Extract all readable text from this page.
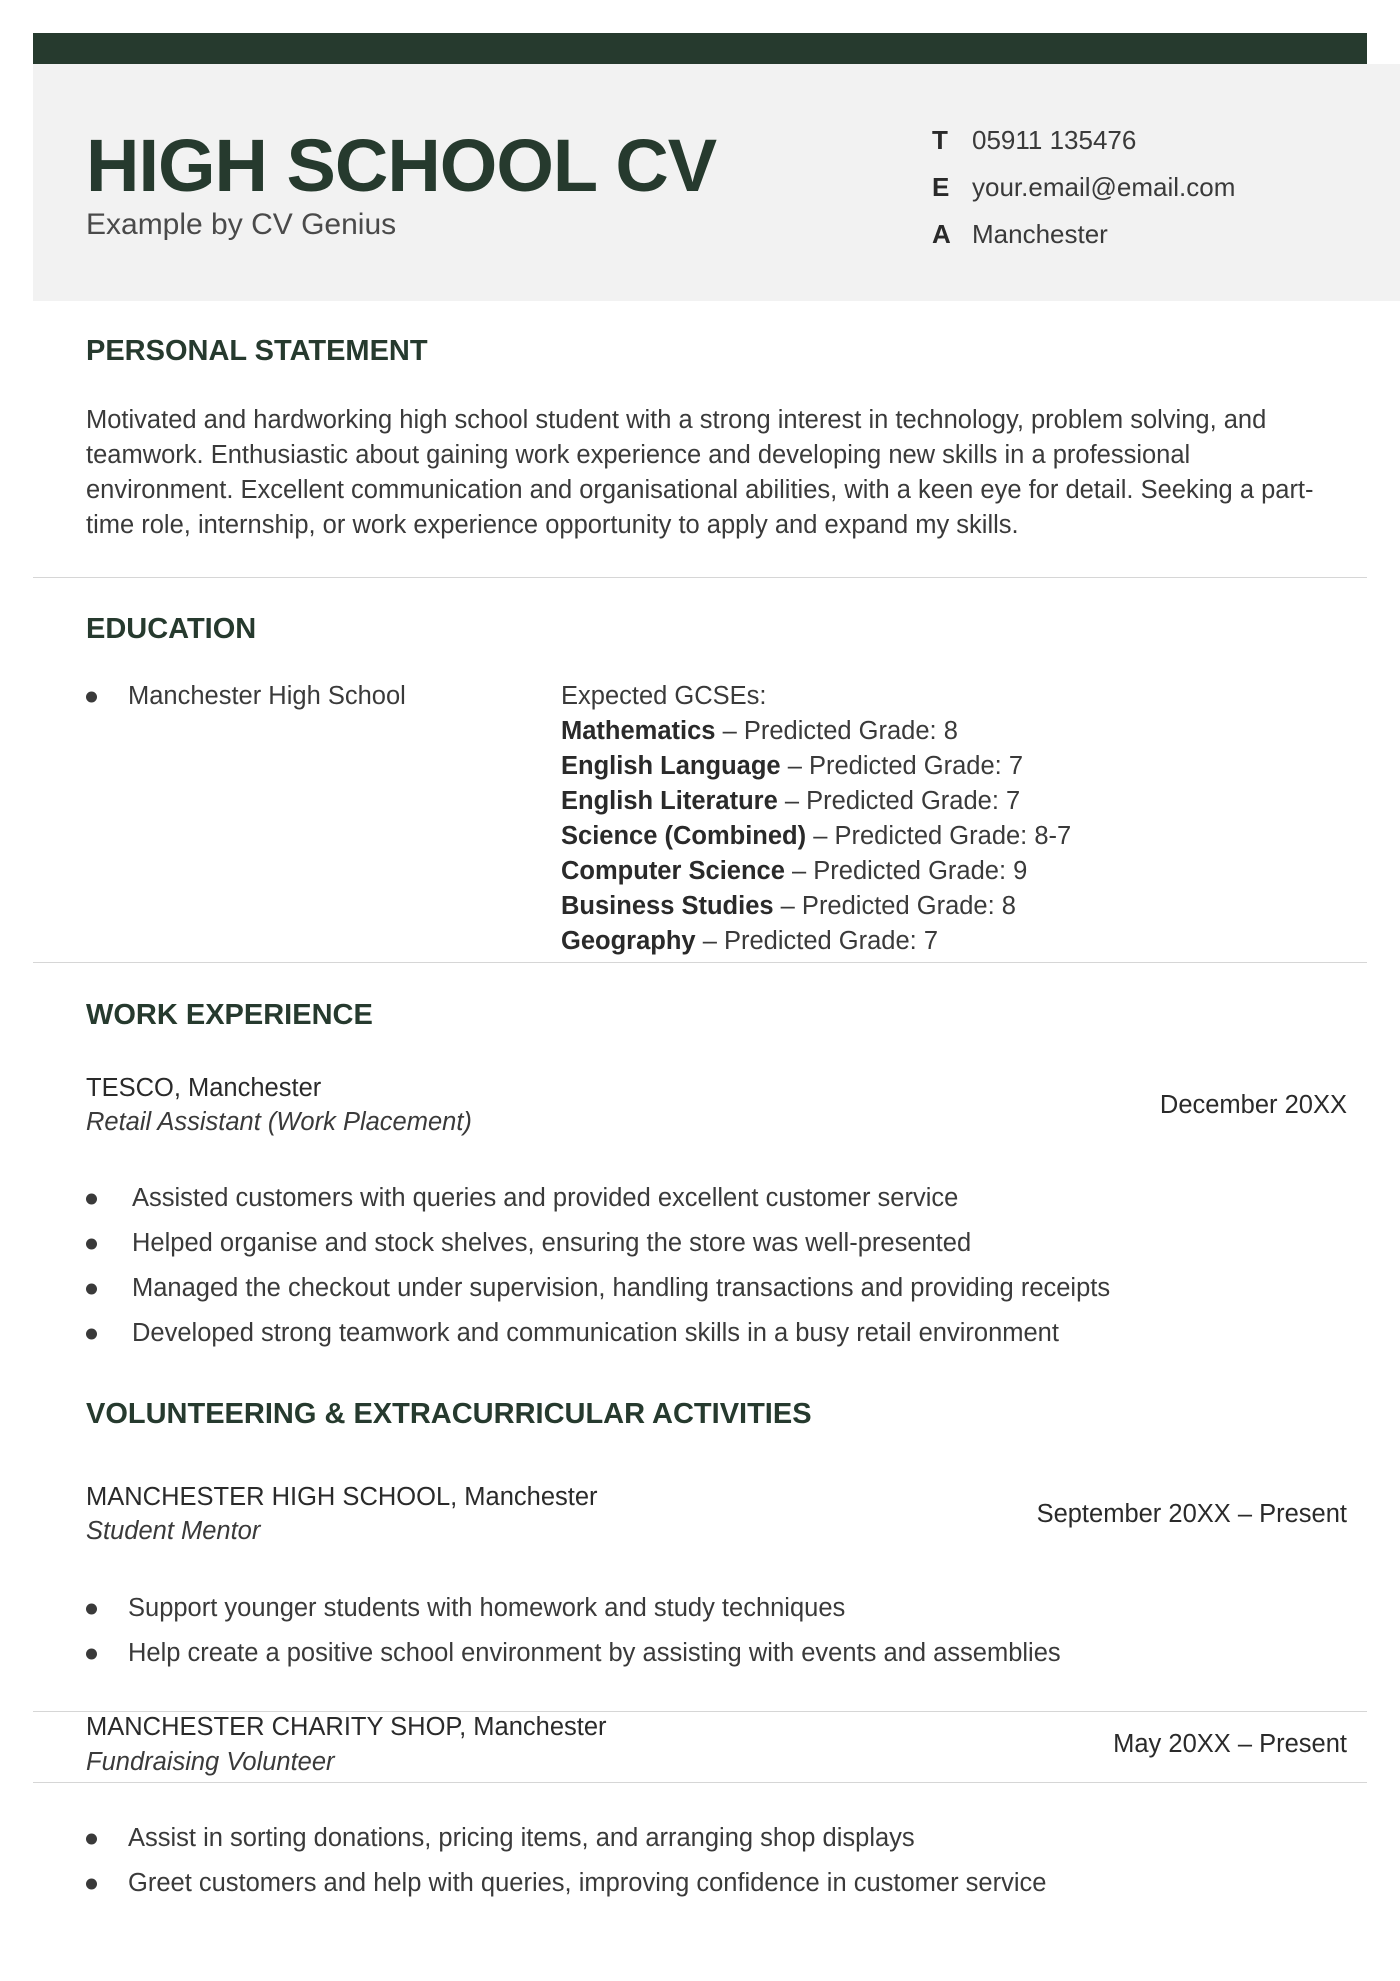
HIGH SCHOOL CV

Example by CV Genius

T 05911 135476
E your.email@email.com
A Manchester
PERSONAL STATEMENT

Motivated and hardworking high school student with a strong interest in technology, problem solving, and teamwork. Enthusiastic about gaining work experience and developing new skills in a professional environment. Excellent communication and organisational abilities, with a keen eye for detail. Seeking a part-time role, internship, or work experience opportunity to apply and expand my skills.

EDUCATION
Manchester High School	Expected GCSEs:
Mathematics – Predicted Grade: 8
English Language – Predicted Grade: 7
English Literature – Predicted Grade: 7
Science (Combined) – Predicted Grade: 8-7
Computer Science – Predicted Grade: 9
Business Studies – Predicted Grade: 8
Geography – Predicted Grade: 7
WORK EXPERIENCE

TESCO, Manchester

Retail Assistant (Work Placement)

December 20XX

Assisted customers with queries and provided excellent customer service
Helped organise and stock shelves, ensuring the store was well-presented
Managed the checkout under supervision, handling transactions and providing receipts
Developed strong teamwork and communication skills in a busy retail environment
VOLUNTEERING & EXTRACURRICULAR ACTIVITIES

MANCHESTER HIGH SCHOOL, Manchester

Student Mentor

September 20XX – Present

Support younger students with homework and study techniques
Help create a positive school environment by assisting with events and assemblies

MANCHESTER CHARITY SHOP, Manchester

Fundraising Volunteer

May 20XX – Present

Assist in sorting donations, pricing items, and arranging shop displays
Greet customers and help with queries, improving confidence in customer service
